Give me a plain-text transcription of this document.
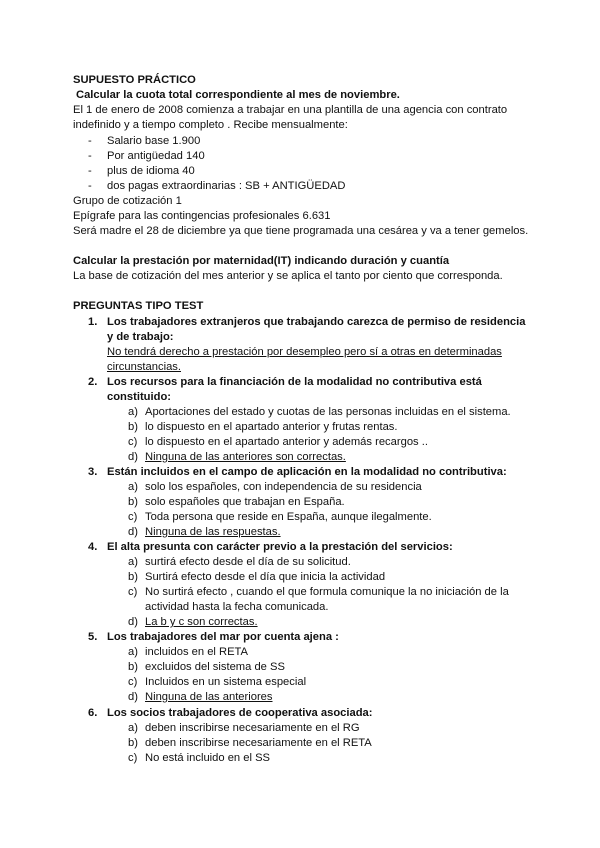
SUPUESTO PRÁCTICO
Calcular la cuota total correspondiente al mes de noviembre.
El 1 de enero de 2008 comienza a trabajar en una plantilla de una agencia con contrato
indefinido y a tiempo completo . Recibe mensualmente:
- Salario base 1.900
- Por antigüedad 140
- plus de idioma 40
- dos pagas extraordinarias : SB + ANTIGÜEDAD
Grupo de cotización 1
Epígrafe para las contingencias profesionales 6.631
Será madre el 28 de diciembre ya que tiene programada una cesárea y va a tener gemelos.
Calcular la prestación por maternidad(IT) indicando duración y cuantía
La base de cotización del mes anterior y se aplica el tanto por ciento que corresponda.
PREGUNTAS TIPO TEST
1. Los trabajadores extranjeros que trabajando carezca de permiso de residencia
y de trabajo:
No tendrá derecho a prestación por desempleo pero sí a otras en determinadas
circunstancias.
2. Los recursos para la financiación de la modalidad no contributiva está
constituido:
a) Aportaciones del estado y cuotas de las personas incluidas en el sistema.
b) lo dispuesto en el apartado anterior y frutas rentas.
c) lo dispuesto en el apartado anterior y además recargos ..
d) Ninguna de las anteriores son correctas.
3. Están incluidos en el campo de aplicación en la modalidad no contributiva:
a) solo los españoles, con independencia de su residencia
b) solo españoles que trabajan en España.
c) Toda persona que reside en España, aunque ilegalmente.
d) Ninguna de las respuestas.
4. El alta presunta con carácter previo a la prestación del servicios:
a) surtirá efecto desde el día de su solicitud.
b) Surtirá efecto desde el día que inicia la actividad
c) No surtirá efecto , cuando el que formula comunique la no iniciación de la
actividad hasta la fecha comunicada.
d) La b y c son correctas.
5. Los trabajadores del mar por cuenta ajena :
a) incluidos en el RETA
b) excluidos del sistema de SS
c) Incluidos en un sistema especial
d) Ninguna de las anteriores
6. Los socios trabajadores de cooperativa asociada:
a) deben inscribirse necesariamente en el RG
b) deben inscribirse necesariamente en el RETA
c) No está incluido en el SS
